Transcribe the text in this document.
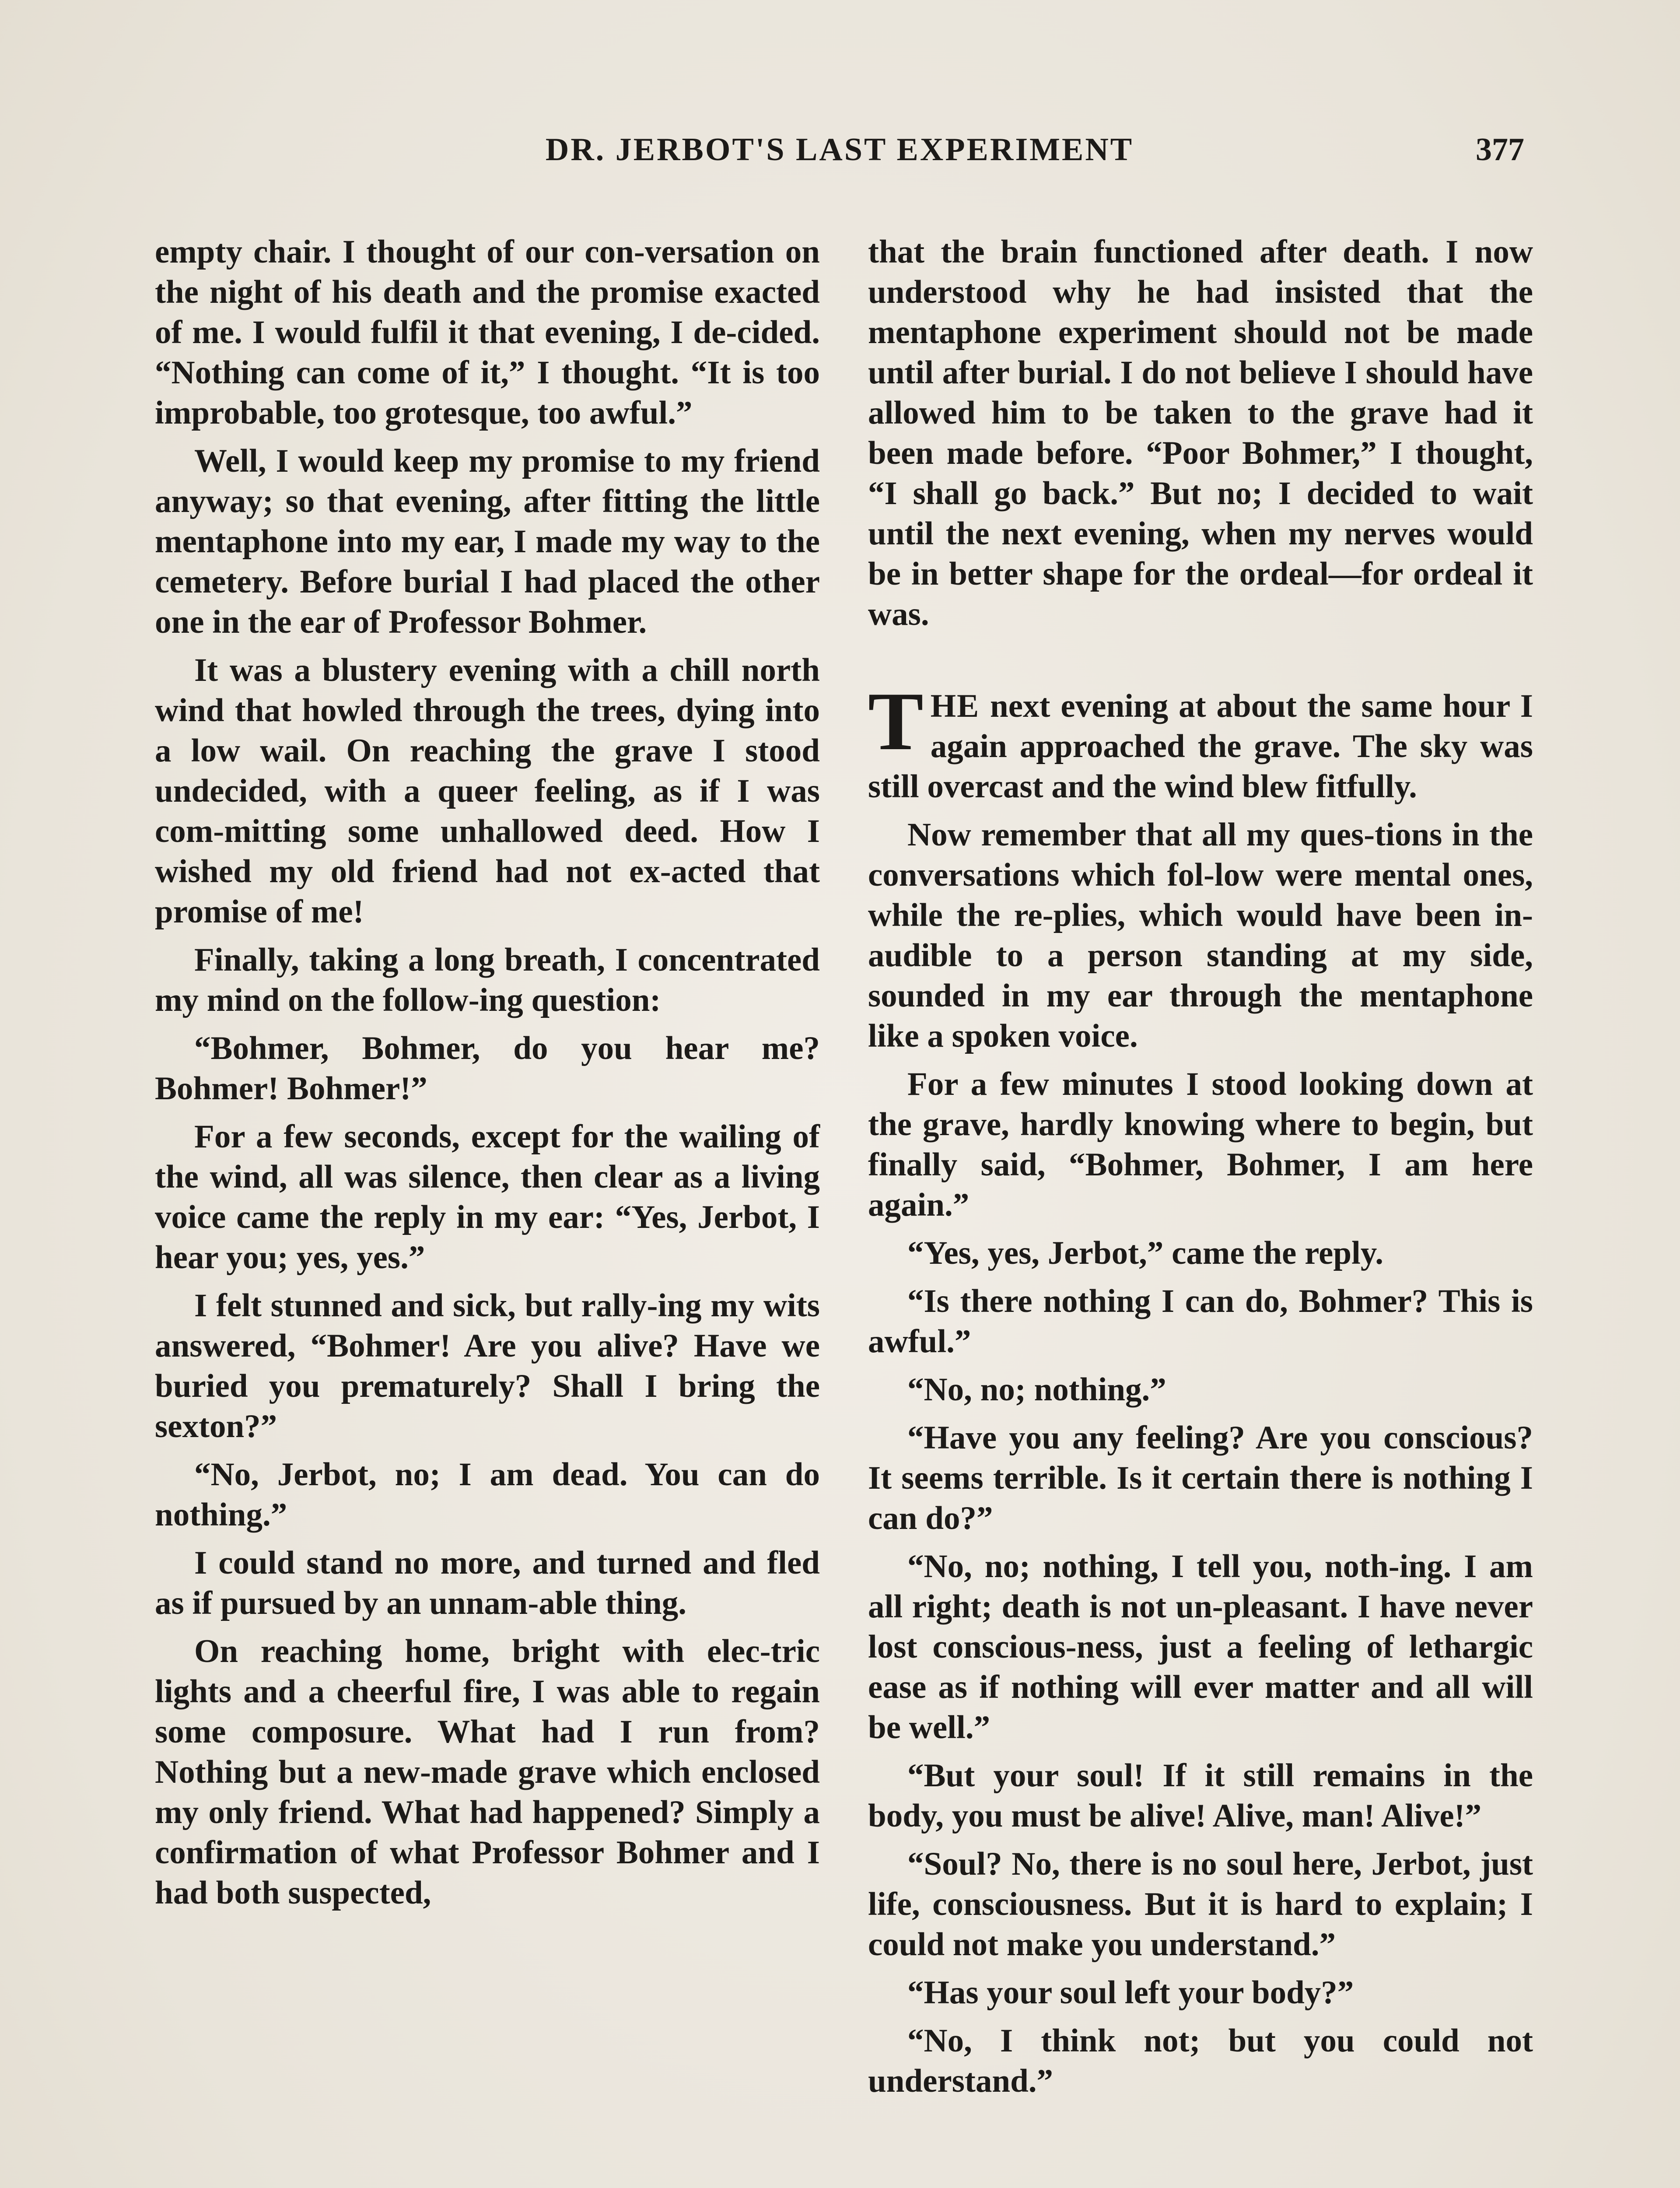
DR. JERBOT'S LAST EXPERIMENT	377

empty chair. I thought of our con-versation on the night of his death and the promise exacted of me. I would fulfil it that evening, I de-cided. “Nothing can come of it,” I thought. “It is too improbable, too grotesque, too awful.”

Well, I would keep my promise to my friend anyway; so that evening, after fitting the little mentaphone into my ear, I made my way to the cemetery. Before burial I had placed the other one in the ear of Professor Bohmer.

It was a blustery evening with a chill north wind that howled through the trees, dying into a low wail. On reaching the grave I stood undecided, with a queer feeling, as if I was com-mitting some unhallowed deed. How I wished my old friend had not ex-acted that promise of me!

Finally, taking a long breath, I concentrated my mind on the follow-ing question:

“Bohmer, Bohmer, do you hear me? Bohmer! Bohmer!”

For a few seconds, except for the wailing of the wind, all was silence, then clear as a living voice came the reply in my ear: “Yes, Jerbot, I hear you; yes, yes.”

I felt stunned and sick, but rally-ing my wits answered, “Bohmer! Are you alive? Have we buried you prematurely? Shall I bring the sexton?”

“No, Jerbot, no; I am dead. You can do nothing.”

I could stand no more, and turned and fled as if pursued by an unnam-able thing.

On reaching home, bright with elec-tric lights and a cheerful fire, I was able to regain some composure. What had I run from? Nothing but a new-made grave which enclosed my only friend. What had happened? Simply a confirmation of what Professor Bohmer and I had both suspected,

that the brain functioned after death. I now understood why he had insisted that the mentaphone experiment should not be made until after burial. I do not believe I should have allowed him to be taken to the grave had it been made before. “Poor Bohmer,” I thought, “I shall go back.” But no; I decided to wait until the next evening, when my nerves would be in better shape for the ordeal—for ordeal it was.

THE next evening at about the same hour I again approached the grave. The sky was still overcast and the wind blew fitfully.

Now remember that all my ques-tions in the conversations which fol-low were mental ones, while the re-plies, which would have been in-audible to a person standing at my side, sounded in my ear through the mentaphone like a spoken voice.

For a few minutes I stood looking down at the grave, hardly knowing where to begin, but finally said, “Bohmer, Bohmer, I am here again.”

“Yes, yes, Jerbot,” came the reply.

“Is there nothing I can do, Bohmer? This is awful.”

“No, no; nothing.”

“Have you any feeling? Are you conscious? It seems terrible. Is it certain there is nothing I can do?”

“No, no; nothing, I tell you, noth-ing. I am all right; death is not un-pleasant. I have never lost conscious-ness, just a feeling of lethargic ease as if nothing will ever matter and all will be well.”

“But your soul! If it still remains in the body, you must be alive! Alive, man! Alive!”

“Soul? No, there is no soul here, Jerbot, just life, consciousness. But it is hard to explain; I could not make you understand.”

“Has your soul left your body?”

“No, I think not; but you could not understand.”
